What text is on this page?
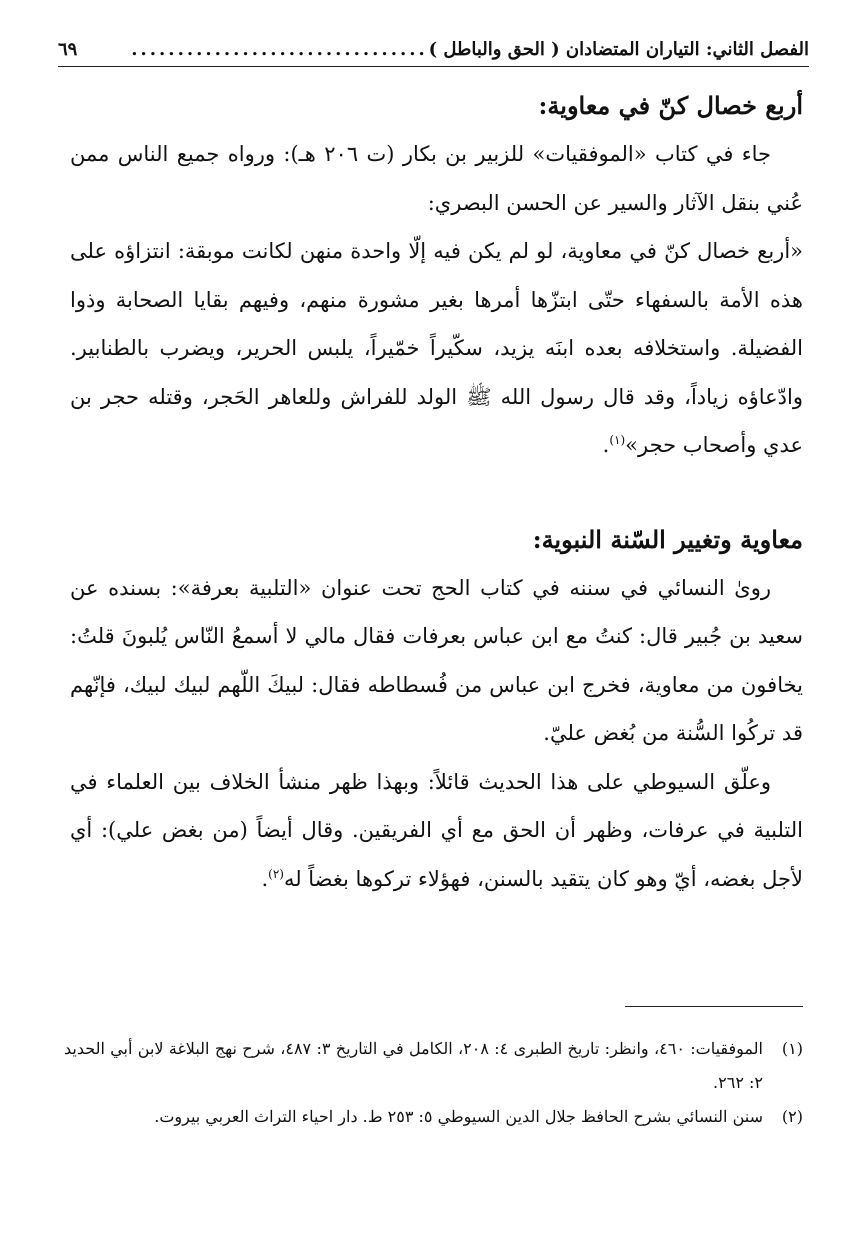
الفصل الثاني: التياران المتضادان ( الحق والباطل )
................................
٦٩
أربع خصال كنّ في معاوية:

جاء في كتاب «الموفقيات» للزبير بن بكار (ت ٢٠٦ هـ): ورواه جميع الناس ممن عُني بنقل الآثار والسير عن الحسن البصري:

«أربع خصال كنّ في معاوية، لو لم يكن فيه إلّا واحدة منهن لكانت موبقة: انتزاؤه على هذه الأمة بالسفهاء حتّى ابتزّها أمرها بغير مشورة منهم، وفيهم بقايا الصحابة وذوا الفضيلة. واستخلافه بعده ابنَه يزيد، سكّيراً خمّيراً، يلبس الحرير، ويضرب بالطنابير. وادّعاؤه زياداً، وقد قال رسول الله ﷺ الولد للفراش وللعاهر الحَجر، وقتله حجر بن عدي وأصحاب حجر»$^{(١)}$.

معاوية وتغيير السّنة النبوية:

روىٰ النسائي في سننه في كتاب الحج تحت عنوان «التلبية بعرفة»: بسنده عن سعيد بن جُبير قال: كنتُ مع ابن عباس بعرفات فقال مالي لا أسمعُ النّاس يُلبونَ قلتُ: يخافون من معاوية، فخرج ابن عباس من فُسطاطه فقال: لبيكَ اللّهم لبيك لبيك، فإنّهم قد تركُوا السُّنة من بُغض عليّ.

وعلّق السيوطي على هذا الحديث قائلاً: وبهذا ظهر منشأ الخلاف بين العلماء في التلبية في عرفات، وظهر أن الحق مع أي الفريقين. وقال أيضاً (من بغض علي): أي لأجل بغضه، أيّ وهو كان يتقيد بالسنن، فهؤلاء تركوها بغضاً له$^{(٢)}$.

(١)
الموفقيات: ٤٦٠، وانظر: تاريخ الطبرى ٤: ٢٠٨، الكامل في التاريخ ٣: ٤٨٧، شرح نهج البلاغة لابن أبي الحديد ٢: ٢٦٢.
(٢)
سنن النسائي بشرح الحافظ جلال الدين السيوطي ٥: ٢٥٣ ط. دار احياء التراث العربي بيروت.
